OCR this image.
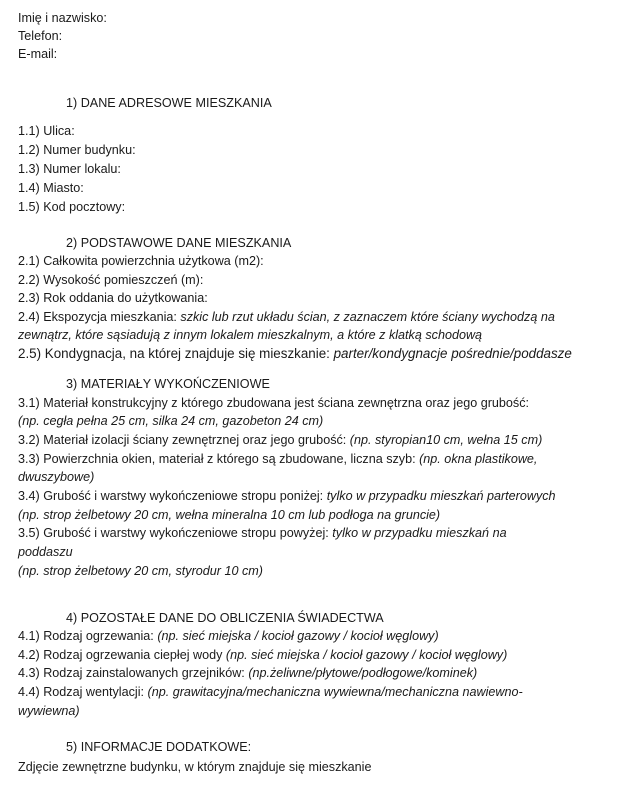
Imię i nazwisko:
Telefon:
E-mail:
1) DANE ADRESOWE MIESZKANIA
1.1) Ulica:
1.2) Numer budynku:
1.3) Numer lokalu:
1.4) Miasto:
1.5) Kod pocztowy:
2) PODSTAWOWE DANE MIESZKANIA
2.1) Całkowita powierzchnia użytkowa (m2):
2.2) Wysokość pomieszczeń (m):
2.3) Rok oddania do użytkowania:
2.4) Ekspozycja mieszkania: szkic lub rzut układu ścian, z zaznaczem które ściany wychodzą na
zewnątrz, które sąsiadują z innym lokalem mieszkalnym, a które z klatką schodową
2.5) Kondygnacja, na której znajduje się mieszkanie: parter/kondygnacje pośrednie/poddasze
3) MATERIAŁY WYKOŃCZENIOWE
3.1) Materiał konstrukcyjny z którego zbudowana jest ściana zewnętrzna oraz jego grubość:
(np. cegła pełna 25 cm, silka 24 cm, gazobeton 24 cm)
3.2) Materiał izolacji ściany zewnętrznej oraz jego grubość: (np. styropian10 cm, wełna 15 cm)
3.3) Powierzchnia okien, materiał z którego są zbudowane, liczna szyb: (np. okna plastikowe,
dwuszybowe)
3.4) Grubość i warstwy wykończeniowe stropu poniżej: tylko w przypadku mieszkań parterowych
(np. strop żelbetowy 20 cm, wełna mineralna 10 cm lub podłoga na gruncie)
3.5) Grubość i warstwy wykończeniowe stropu powyżej: tylko w przypadku mieszkań na
poddaszu
(np. strop żelbetowy 20 cm, styrodur 10 cm)
4) POZOSTAŁE DANE DO OBLICZENIA ŚWIADECTWA
4.1) Rodzaj ogrzewania: (np. sieć miejska / kocioł gazowy / kocioł węglowy)
4.2) Rodzaj ogrzewania ciepłej wody (np. sieć miejska / kocioł gazowy / kocioł węglowy)
4.3) Rodzaj zainstalowanych grzejników: (np.żeliwne/płytowe/podłogowe/kominek)
4.4) Rodzaj wentylacji: (np. grawitacyjna/mechaniczna wywiewna/mechaniczna nawiewno-
wywiewna)
5) INFORMACJE DODATKOWE:
Zdjęcie zewnętrzne budynku, w którym znajduje się mieszkanie
